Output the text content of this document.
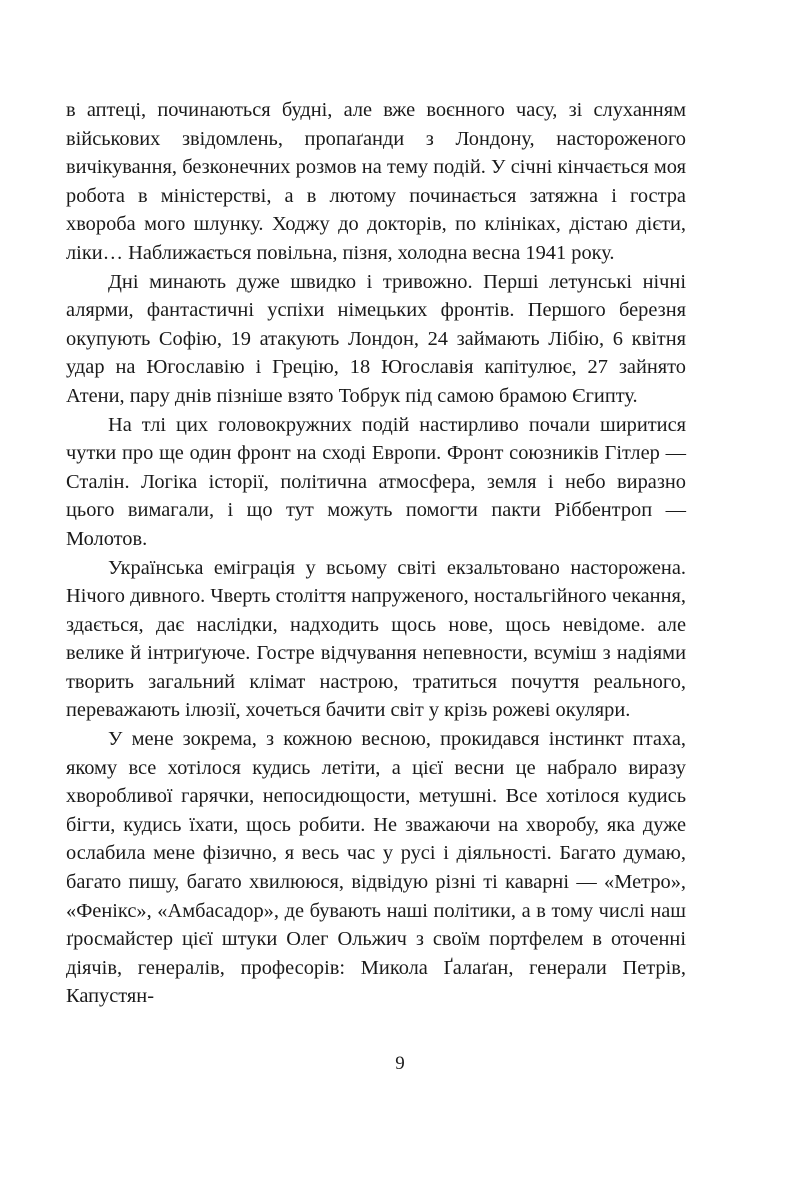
в аптеці, починаються будні, але вже воєнного часу, зі слуханням військових звідомлень, пропаґанди з Лондону, настороженого вичікування, безконечних розмов на тему подій. У січні кінчається моя робота в міністерстві, а в лютому починається затяжна і гостра хвороба мого шлунку. Ходжу до докторів, по клініках, дістаю дієти, ліки… Наближається повільна, пізня, холодна весна 1941 року.

Дні минають дуже швидко і тривожно. Перші летунські нічні алярми, фантастичні успіхи німецьких фронтів. Першого березня окупують Софію, 19 атакують Лондон, 24 займають Лібію, 6 квітня удар на Югославію і Грецію, 18 Югославія капітулює, 27 зайнято Атени, пару днів пізніше взято Тобрук під самою брамою Єгипту.

На тлі цих головокружних подій настирливо почали ширитися чутки про ще один фронт на сході Европи. Фронт союзників Гітлер — Сталін. Логіка історії, політична атмосфера, земля і небо виразно цього вимагали, і що тут можуть помогти пакти Ріббентроп — Молотов.

Українська еміграція у всьому світі екзальтовано насторожена. Нічого дивного. Чверть століття напруженого, ностальгійного чекання, здається, дає наслідки, надходить щось нове, щось невідоме. але велике й інтриґуюче. Гостре відчування непевности, всуміш з надіями творить загальний клімат настрою, тратиться почуття реального, переважають ілюзії, хочеться бачити світ у крізь рожеві окуляри.

У мене зокрема, з кожною весною, прокидався інстинкт птаха, якому все хотілося кудись летіти, а цієї весни це набрало виразу хворобливої гарячки, непосидющости, метушні. Все хотілося кудись бігти, кудись їхати, щось робити. Не зважаючи на хворобу, яка дуже ослабила мене фізично, я весь час у русі і діяльності. Багато думаю, багато пишу, багато хвилююся, відвідую різні ті каварні — «Метро», «Фенікс», «Амбасадор», де бувають наші політики, а в тому числі наш ґросмайстер цієї штуки Олег Ольжич з своїм портфелем в оточенні діячів, генералів, професорів: Микола Ґалаґан, генерали Петрів, Капустян-

9
